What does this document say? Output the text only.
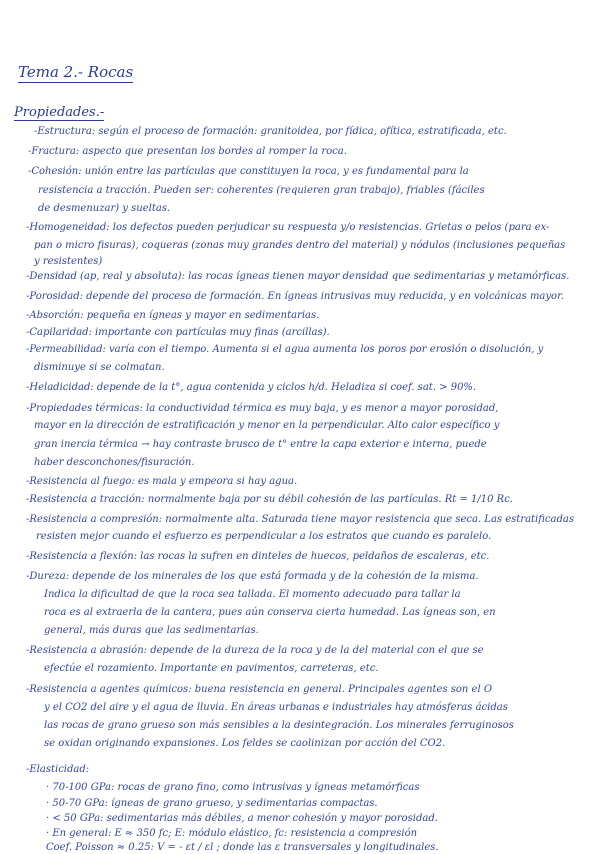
Tema 2.- Rocas
Propiedades.-
-Estructura: según el proceso de formación: granitoidea, por fídica, ofítica, estratificada, etc.
-Fractura: aspecto que presentan los bordes al romper la roca.
-Cohesión: unión entre las partículas que constituyen la roca, y es fundamental para la
resistencia a tracción. Pueden ser: coherentes (requieren gran trabajo), friables (fáciles
de desmenuzar) y sueltas.
-Homogeneidad: los defectos pueden perjudicar su respuesta y/o resistencias. Grietas o pelos (para ex-
pan o micro fisuras), coqueras (zonas muy grandes dentro del material) y nódulos (inclusiones pequeñas
y resistentes)
-Densidad (ap, real y absoluta): las rocas ígneas tienen mayor densidad que sedimentarias y metamórficas.
-Porosidad: depende del proceso de formación. En ígneas intrusivas muy reducida, y en volcánicas mayor.
-Absorción: pequeña en ígneas y mayor en sedimentarias.
-Capilaridad: importante con partículas muy finas (arcillas).
-Permeabilidad: varía con el tiempo. Aumenta si el agua aumenta los poros por erosión o disolución, y
disminuye si se colmatan.
-Heladicidad: depende de la t°, agua contenida y ciclos h/d. Heladiza si coef. sat. > 90%.
-Propiedades térmicas: la conductividad térmica es muy baja, y es menor a mayor porosidad,
mayor en la dirección de estratificación y menor en la perpendicular. Alto calor específico y
gran inercia térmica → hay contraste brusco de t° entre la capa exterior e interna, puede
haber desconchones/fisuración.
-Resistencia al fuego: es mala y empeora si hay agua.
-Resistencia a tracción: normalmente baja por su débil cohesión de las partículas. Rt = 1/10 Rc.
-Resistencia a compresión: normalmente alta. Saturada tiene mayor resistencia que seca. Las estratificadas
resisten mejor cuando el esfuerzo es perpendicular a los estratos que cuando es paralelo.
-Resistencia a flexión: las rocas la sufren en dinteles de huecos, peldaños de escaleras, etc.
-Dureza: depende de los minerales de los que está formada y de la cohesión de la misma.
Indica la dificultad de que la roca sea tallada. El momento adecuado para tallar la
roca es al extraerla de la cantera, pues aún conserva cierta humedad. Las ígneas son, en
general, más duras que las sedimentarias.
-Resistencia a abrasión: depende de la dureza de la roca y de la del material con el que se
efectúe el rozamiento. Importante en pavimentos, carreteras, etc.
-Resistencia a agentes químicos: buena resistencia en general. Principales agentes son el O
y el CO2 del aire y el agua de lluvia. En áreas urbanas e industriales hay atmósferas ácidas
las rocas de grano grueso son más sensibles a la desintegración. Los minerales ferruginosos
se oxidan originando expansiones. Los feldes se caolinizan por acción del CO2.
-Elasticidad:
· 70-100 GPa: rocas de grano fino, como intrusivas y ígneas metamórficas
· 50-70 GPa: ígneas de grano grueso, y sedimentarias compactas.
· < 50 GPa: sedimentarias más débiles, a menor cohesión y mayor porosidad.
· En general: E ≈ 350 fc; E: módulo elástico, fc: resistencia a compresión
Coef. Poisson ≈ 0.25: V = - εt / εl ; donde las ε transversales y longitudinales.
